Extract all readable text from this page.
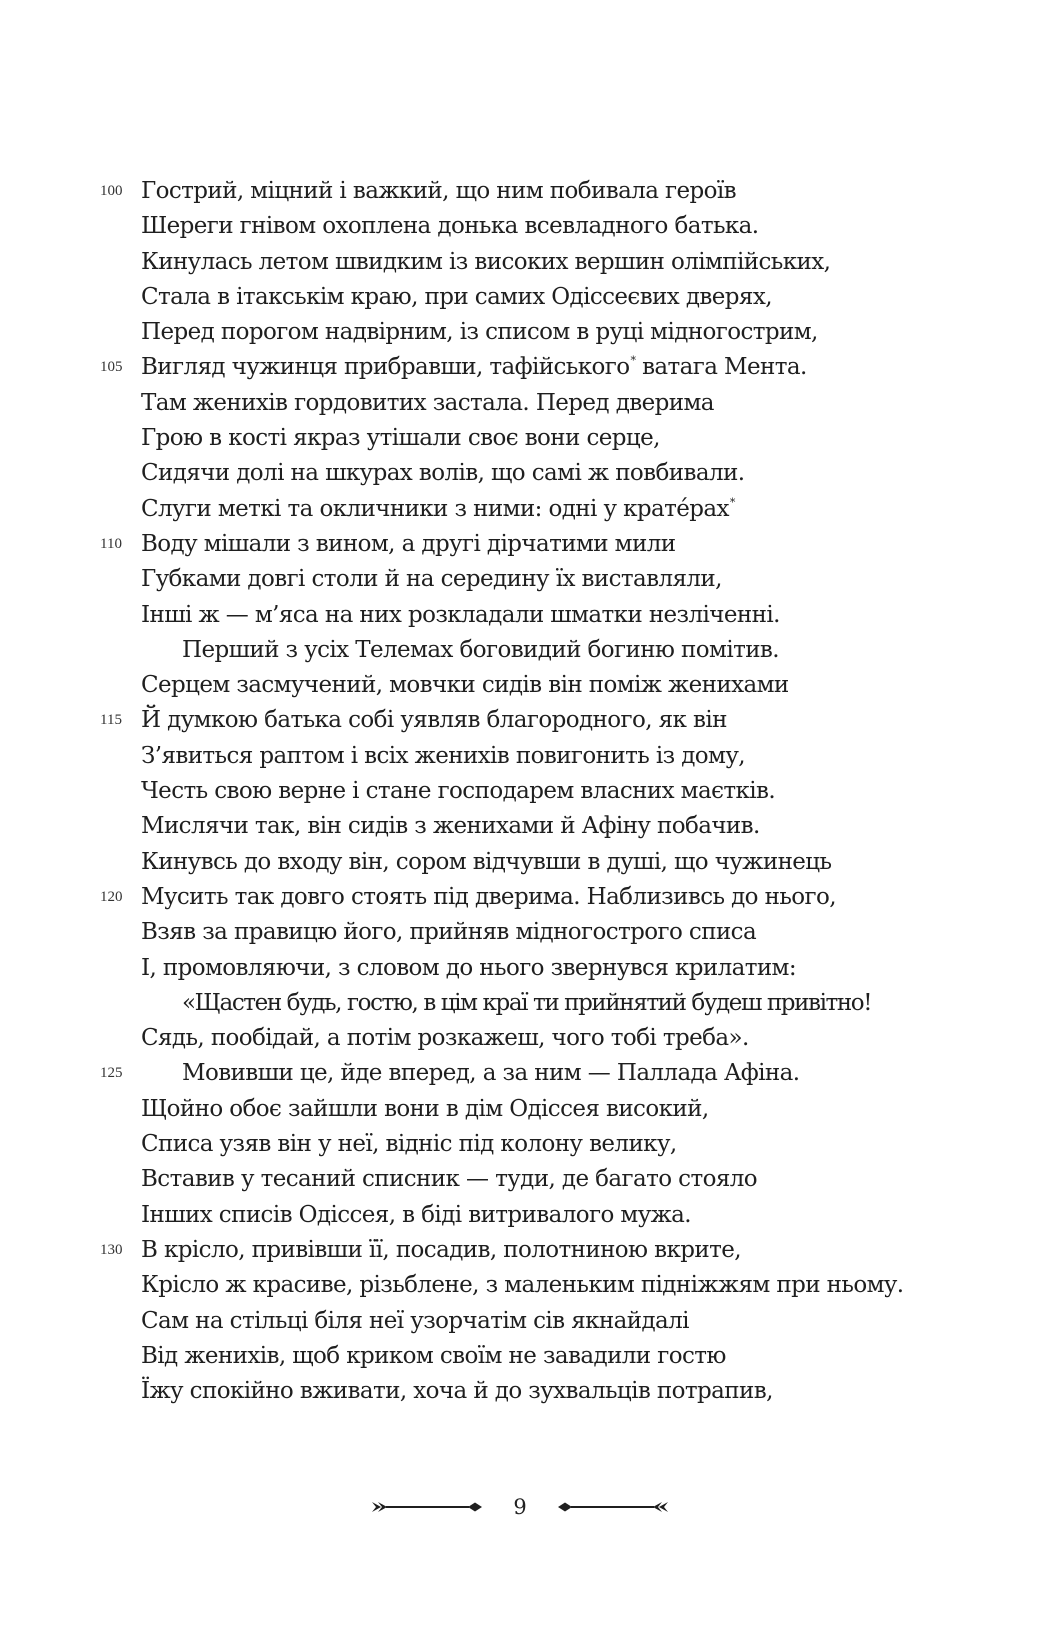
100 Гострий, міцний і важкий, що ним побивала героїв
Шереги гнівом охоплена донька всевладного батька.
Кинулась летом швидким із високих вершин олімпійських,
Стала в ітакськім краю, при самих Одіссеєвих дверях,
Перед порогом надвірним, із списом в руці мідногострим,
105 Вигляд чужинця прибравши, тафійського* ватага Мента.
Там женихів гордовитих застала. Перед дверима
Грою в кості якраз утішали своє вони серце,
Сидячи долі на шкурах волів, що самі ж повбивали.
Слуги меткі та окличники з ними: одні у крате́рах*
110 Воду мішали з вином, а другі дірчатими мили
Губками довгі столи й на середину їх виставляли,
Інші ж — м’яса на них розкладали шматки незліченні.
Перший з усіх Телемах боговидий богиню помітив.
Серцем засмучений, мовчки сидів він поміж женихами
115 Й думкою батька собі уявляв благородного, як він
З’явиться раптом і всіх женихів повигонить із дому,
Честь свою верне і стане господарем власних маєтків.
Мислячи так, він сидів з женихами й Афіну побачив.
Кинувсь до входу він, сором відчувши в душі, що чужинець
120 Мусить так довго стоять під дверима. Наблизивсь до нього,
Взяв за правицю його, прийняв мідногострого списа
І, промовляючи, з словом до нього звернувся крилатим:
«Щастен будь, гостю, в цім краї ти прийнятий будеш привітно!
Сядь, пообідай, а потім розкажеш, чого тобі треба».
125	Мовивши це, йде вперед, а за ним — Паллада Афіна.
Щойно обоє зайшли вони в дім Одіссея високий,
Списа узяв він у неї, відніс під колону велику,
Вставив у тесаний списник — туди, де багато стояло
Інших списів Одіссея, в біді витривалого мужа.
130 В крісло, привівши її, посадив, полотниною вкрите,
Крісло ж красиве, різьблене, з маленьким підніжжям при ньому.
Сам на стільці біля неї узорчатім сів якнайдалі
Від женихів, щоб криком своїм не завадили гостю
Їжу спокійно вживати, хоча й до зухвальців потрапив,
9
